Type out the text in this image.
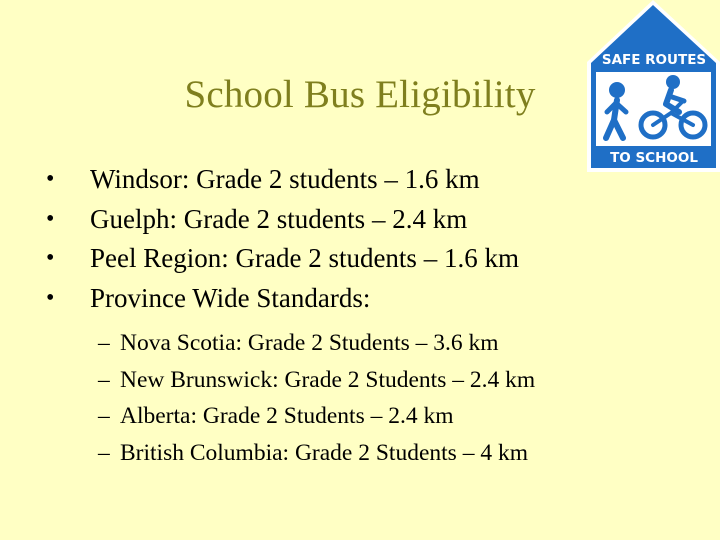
School Bus Eligibility
• Windsor: Grade 2 students – 1.6 km
• Guelph: Grade 2 students – 2.4 km
• Peel Region: Grade 2 students – 1.6 km
• Province Wide Standards:
– Nova Scotia: Grade 2 Students – 3.6 km
– New Brunswick: Grade 2 Students – 2.4 km
– Alberta: Grade 2 Students – 2.4 km
– British Columbia: Grade 2 Students – 4 km
SAFE ROUTES
TO SCHOOL
